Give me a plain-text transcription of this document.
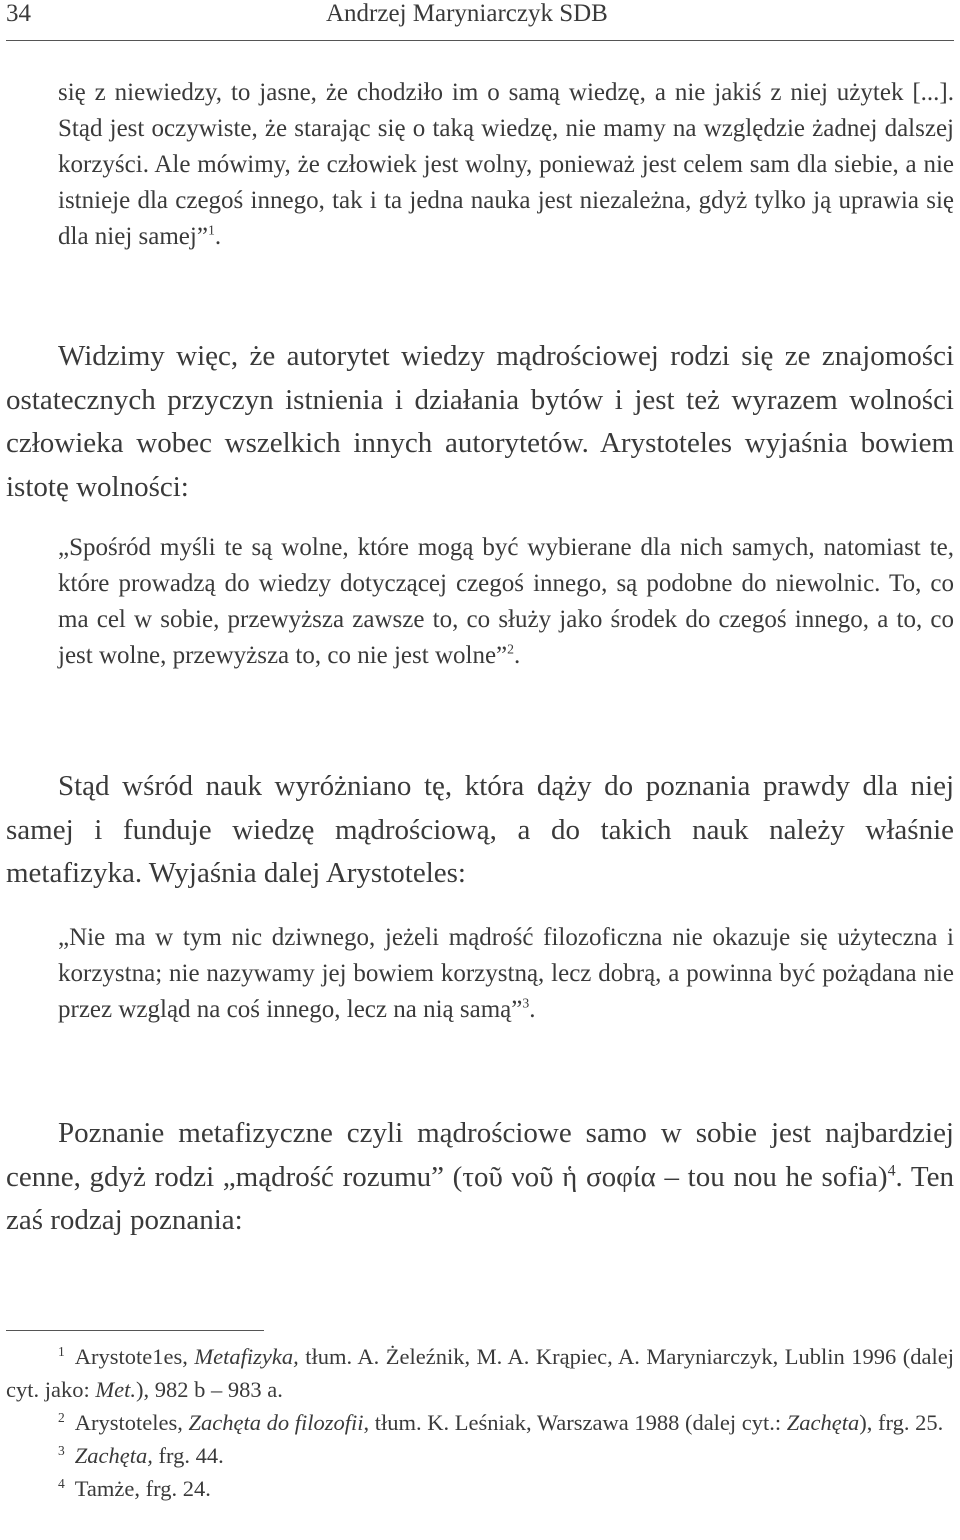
34	Andrzej Maryniarczyk SDB

się z niewiedzy, to jasne, że chodziło im o samą wiedzę, a nie jakiś z niej użytek [...]. Stąd jest oczywiste, że starając się o taką wiedzę, nie mamy na względzie żadnej dalszej korzyści. Ale mówimy, że człowiek jest wolny, ponieważ jest celem sam dla siebie, a nie istnieje dla czegoś innego, tak i ta jedna nauka jest niezależna, gdyż tylko ją uprawia się dla niej samej”$^1$.

Widzimy więc, że autorytet wiedzy mądrościowej rodzi się ze znajomości ostatecznych przyczyn istnienia i działania bytów i jest też wyrazem wolności człowieka wobec wszelkich innych autorytetów. Arystoteles wyjaśnia bowiem istotę wolności:

„Spośród myśli te są wolne, które mogą być wybierane dla nich samych, natomiast te, które prowadzą do wiedzy dotyczącej czegoś innego, są podobne do niewolnic. To, co ma cel w sobie, przewyższa zawsze to, co służy jako środek do czegoś innego, a to, co jest wolne, przewyższa to, co nie jest wolne”$^2$.

Stąd wśród nauk wyróżniano tę, która dąży do poznania prawdy dla niej samej i funduje wiedzę mądrościową, a do takich nauk należy właśnie metafizyka. Wyjaśnia dalej Arystoteles:

„Nie ma w tym nic dziwnego, jeżeli mądrość filozoficzna nie okazuje się użyteczna i korzystna; nie nazywamy jej bowiem korzystną, lecz dobrą, a powinna być pożądana nie przez wzgląd na coś innego, lecz na nią samą”$^3$.

Poznanie metafizyczne czyli mądrościowe samo w sobie jest najbardziej cenne, gdyż rodzi „mądrość rozumu” (τοῦ νοῦ ἡ σοφία – tou nou he sofia)$^4$. Ten zaś rodzaj poznania:

$^1$ Arystote1es, Metafizyka, tłum. A. Żeleźnik, M. A. Krąpiec, A. Maryniarczyk, Lublin 1996 (dalej cyt. jako: Met.), 982 b – 983 a.

$^2$ Arystoteles, Zachęta do filozofii, tłum. K. Leśniak, Warszawa 1988 (dalej cyt.: Zachęta), frg. 25.

$^3$ Zachęta, frg. 44.

$^4$ Tamże, frg. 24.
